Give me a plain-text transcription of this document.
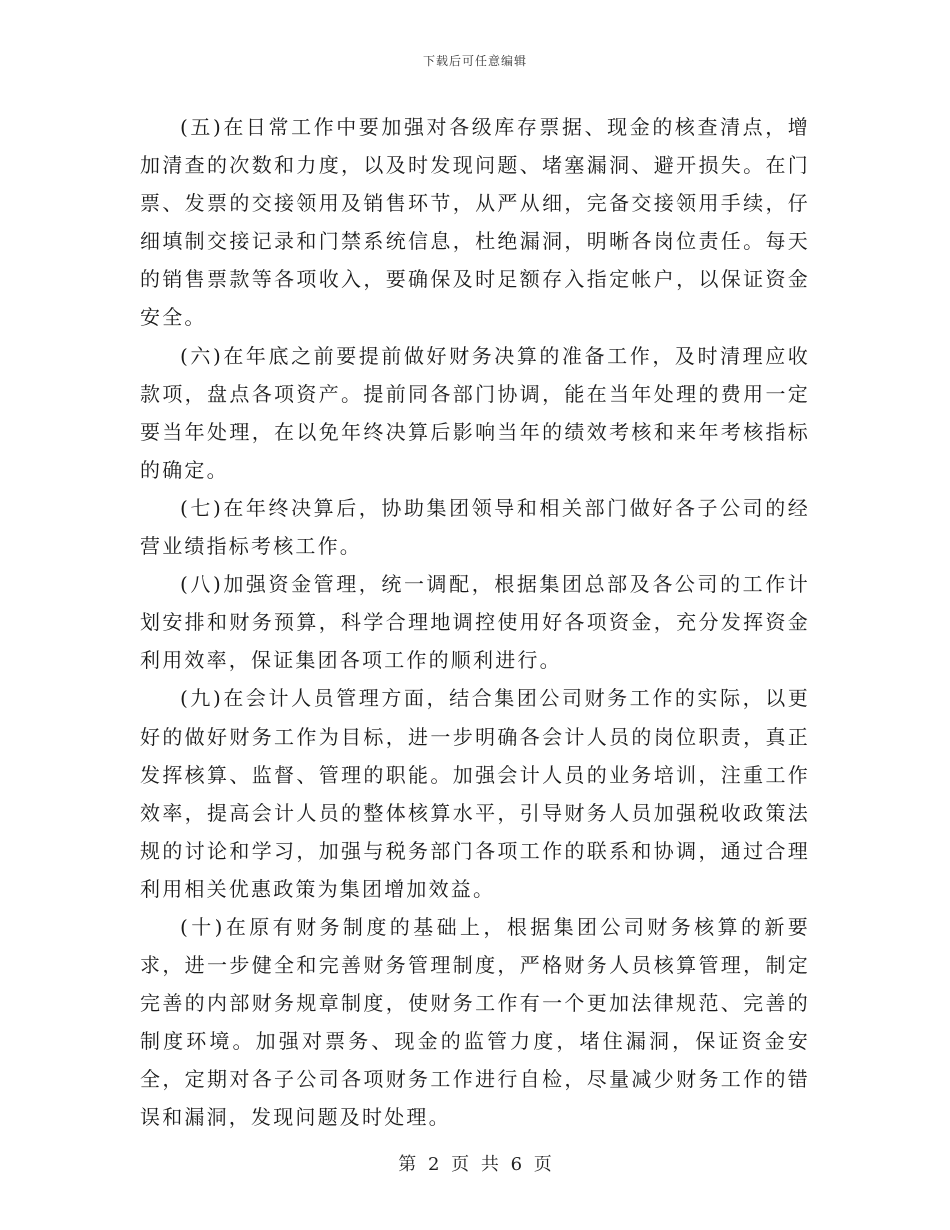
下载后可任意编辑

(五)在日常工作中要加强对各级库存票据、现金的核查清点，增加清查的次数和力度，以及时发现问题、堵塞漏洞、避开损失。在门票、发票的交接领用及销售环节，从严从细，完备交接领用手续，仔细填制交接记录和门禁系统信息，杜绝漏洞，明晰各岗位责任。每天的销售票款等各项收入，要确保及时足额存入指定帐户，以保证资金安全。

(六)在年底之前要提前做好财务决算的准备工作，及时清理应收款项，盘点各项资产。提前同各部门协调，能在当年处理的费用一定要当年处理，在以免年终决算后影响当年的绩效考核和来年考核指标的确定。

(七)在年终决算后，协助集团领导和相关部门做好各子公司的经营业绩指标考核工作。

(八)加强资金管理，统一调配，根据集团总部及各公司的工作计划安排和财务预算，科学合理地调控使用好各项资金，充分发挥资金利用效率，保证集团各项工作的顺利进行。

(九)在会计人员管理方面，结合集团公司财务工作的实际，以更好的做好财务工作为目标，进一步明确各会计人员的岗位职责，真正发挥核算、监督、管理的职能。加强会计人员的业务培训，注重工作效率，提高会计人员的整体核算水平，引导财务人员加强税收政策法规的讨论和学习，加强与税务部门各项工作的联系和协调，通过合理利用相关优惠政策为集团增加效益。

(十)在原有财务制度的基础上，根据集团公司财务核算的新要求，进一步健全和完善财务管理制度，严格财务人员核算管理，制定完善的内部财务规章制度，使财务工作有一个更加法律规范、完善的制度环境。加强对票务、现金的监管力度，堵住漏洞，保证资金安全，定期对各子公司各项财务工作进行自检，尽量减少财务工作的错误和漏洞，发现问题及时处理。

第 2 页 共 6 页
